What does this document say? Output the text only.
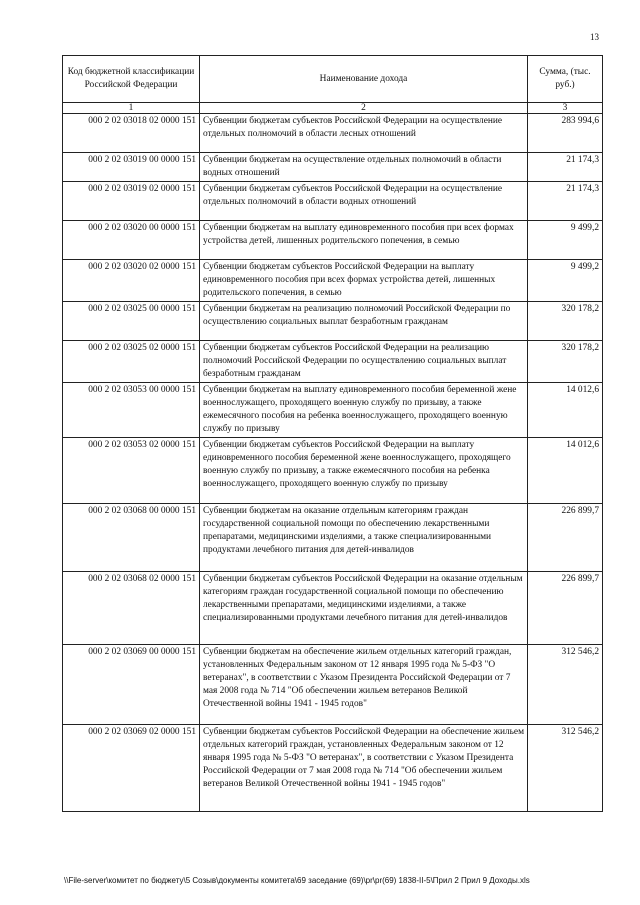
13
Код бюджетной классификации Российской Федерации	Наименование дохода	Сумма, (тыс. руб.)
1	2	3
000 2 02 03018 02 0000 151	Субвенции бюджетам субъектов Российской Федерации на осуществление отдельных полномочий в области лесных отношений	283 994,6
000 2 02 03019 00 0000 151	Субвенции бюджетам на осуществление отдельных полномочий в области водных отношений	21 174,3
000 2 02 03019 02 0000 151	Субвенции бюджетам субъектов Российской Федерации на осуществление отдельных полномочий в области водных отношений	21 174,3
000 2 02 03020 00 0000 151	Субвенции бюджетам на выплату единовременного пособия при всех формах устройства детей, лишенных родительского попечения, в семью	9 499,2
000 2 02 03020 02 0000 151	Субвенции бюджетам субъектов Российской Федерации на выплату единовременного пособия при всех формах устройства детей, лишенных родительского попечения, в семью	9 499,2
000 2 02 03025 00 0000 151	Субвенции бюджетам на реализацию полномочий Российской Федерации по осуществлению социальных выплат безработным гражданам	320 178,2
000 2 02 03025 02 0000 151	Субвенции бюджетам субъектов Российской Федерации на реализацию полномочий Российской Федерации по осуществлению социальных выплат безработным гражданам	320 178,2
000 2 02 03053 00 0000 151	Субвенции бюджетам на выплату единовременного пособия беременной жене военнослужащего, проходящего военную службу по призыву, а также ежемесячного пособия на ребенка военнослужащего, проходящего военную службу по призыву	14 012,6
000 2 02 03053 02 0000 151	Субвенции бюджетам субъектов Российской Федерации на выплату единовременного пособия беременной жене военнослужащего, проходящего военную службу по призыву, а также ежемесячного пособия на ребенка военнослужащего, проходящего военную службу по призыву	14 012,6
000 2 02 03068 00 0000 151	Субвенции бюджетам на оказание отдельным категориям граждан государственной социальной помощи по обеспечению лекарственными препаратами, медицинскими изделиями, а также специализированными продуктами лечебного питания для детей-инвалидов	226 899,7
000 2 02 03068 02 0000 151	Субвенции бюджетам субъектов Российской Федерации на оказание отдельным категориям граждан государственной социальной помощи по обеспечению лекарственными препаратами, медицинскими изделиями, а также специализированными продуктами лечебного питания для детей-инвалидов	226 899,7
000 2 02 03069 00 0000 151	Субвенции бюджетам на обеспечение жильем отдельных категорий граждан, установленных Федеральным законом от 12 января 1995 года № 5-ФЗ "О ветеранах", в соответствии с Указом Президента Российской Федерации от 7 мая 2008 года № 714 "Об обеспечении жильем ветеранов Великой Отечественной войны 1941 - 1945 годов"	312 546,2
000 2 02 03069 02 0000 151	Субвенции бюджетам субъектов Российской Федерации на обеспечение жильем отдельных категорий граждан, установленных Федеральным законом от 12 января 1995 года № 5-ФЗ "О ветеранах", в соответствии с Указом Президента Российской Федерации от 7 мая 2008 года № 714 "Об обеспечении жильем ветеранов Великой Отечественной войны 1941 - 1945 годов"	312 546,2
\\File-server\комитет по бюджету\5 Созыв\документы комитета\69 заседание (69)\pr\pr(69) 1838-II-5\Прил 2 Прил 9 Доходы.xls
